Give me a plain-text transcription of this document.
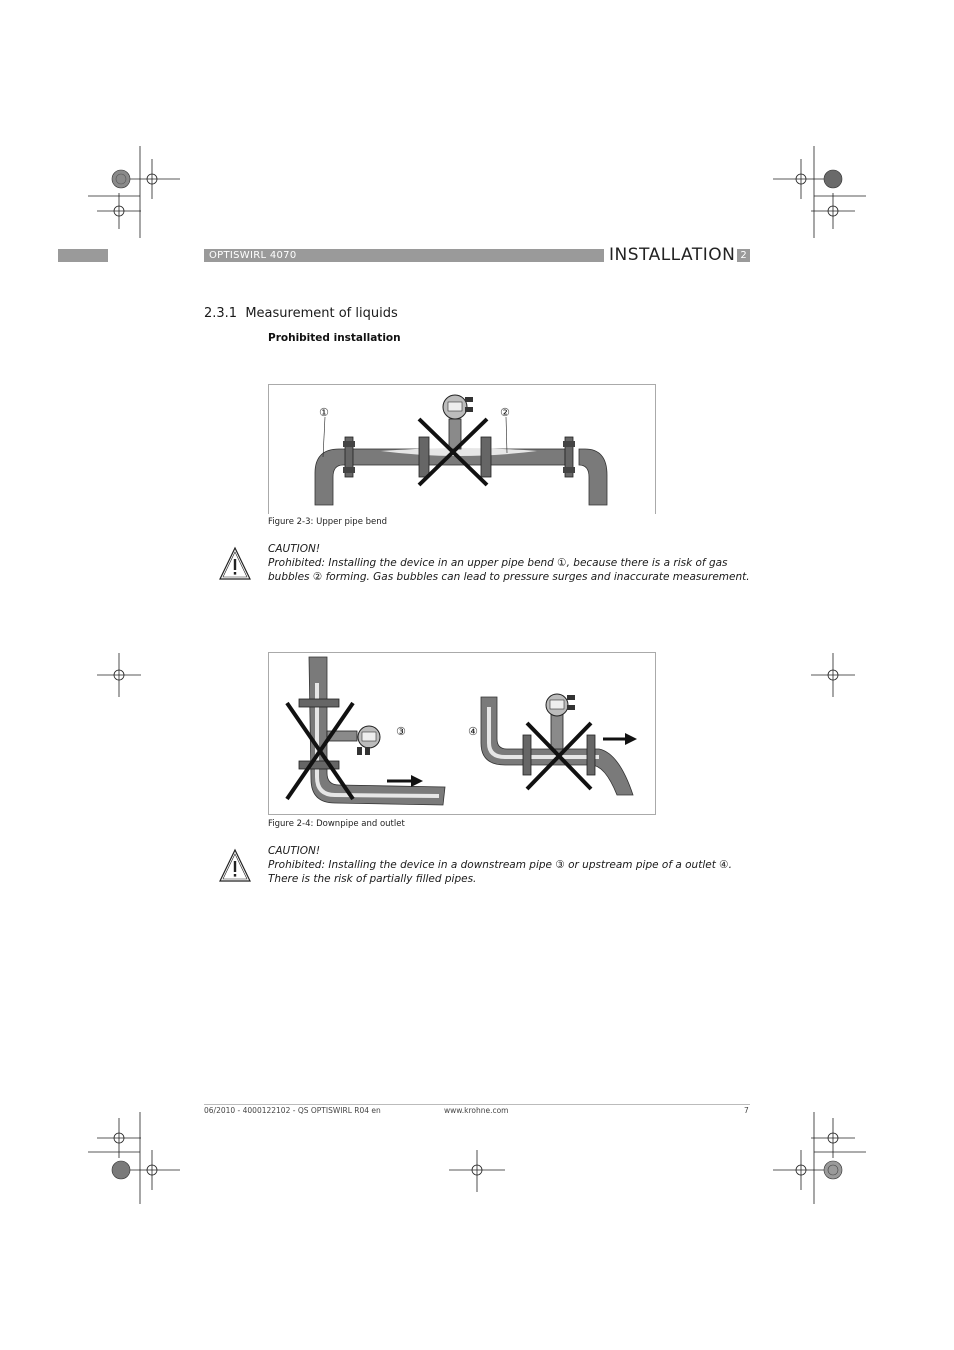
OPTISWIRL 4070	INSTALLATION 2
2.3.1  Measurement of liquids
Prohibited installation
①	②
Figure 2-3: Upper pipe bend
CAUTION!
Prohibited: Installing the device in an upper pipe bend ①, because there is a risk of gas bubbles ② forming. Gas bubbles can lead to pressure surges and inaccurate measurement.
③	④
Figure 2-4: Downpipe and outlet
CAUTION!
Prohibited: Installing the device in a downstream pipe ③ or upstream pipe of a outlet ④. There is the risk of partially filled pipes.
06/2010 - 4000122102 - QS OPTISWIRL R04 en	www.krohne.com	7
